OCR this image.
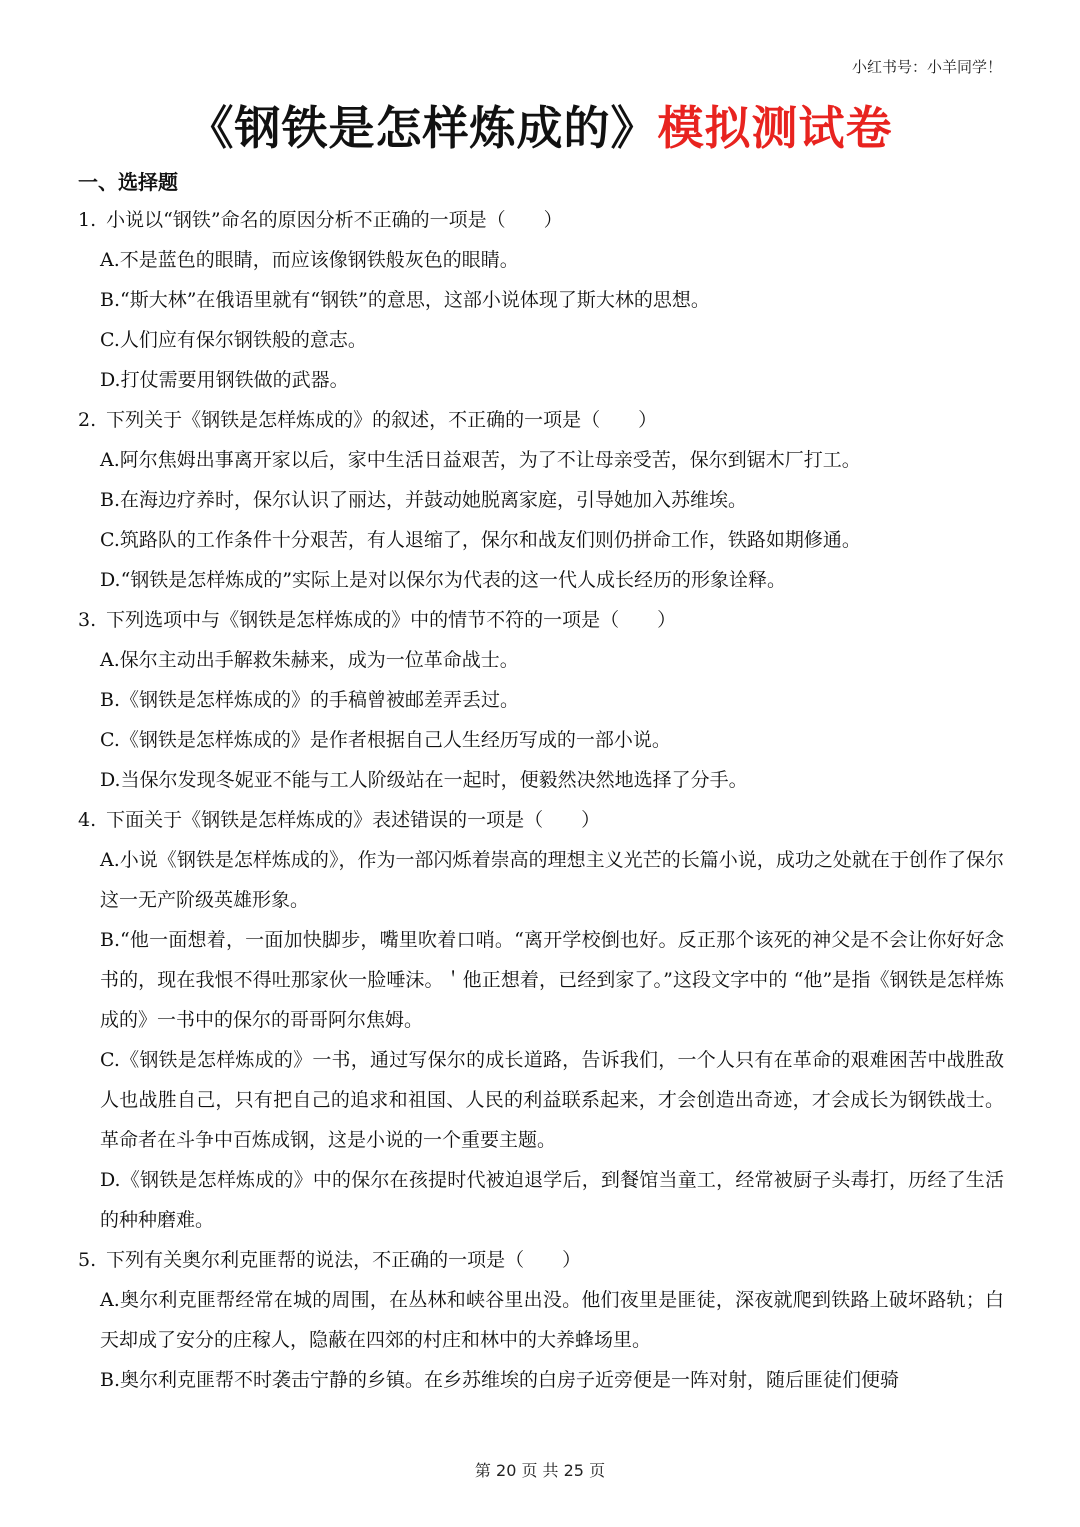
小红书号：小羊同学！
《钢铁是怎样炼成的》模拟测试卷
一、选择题
1. 小说以“钢铁”命名的原因分析不正确的一项是（　　）
A.不是蓝色的眼睛，而应该像钢铁般灰色的眼睛。
B.“斯大林”在俄语里就有“钢铁”的意思，这部小说体现了斯大林的思想。
C.人们应有保尔钢铁般的意志。
D.打仗需要用钢铁做的武器。
2. 下列关于《钢铁是怎样炼成的》的叙述，不正确的一项是（　　）
A.阿尔焦姆出事离开家以后，家中生活日益艰苦，为了不让母亲受苦，保尔到锯木厂打工。
B.在海边疗养时，保尔认识了丽达，并鼓动她脱离家庭，引导她加入苏维埃。
C.筑路队的工作条件十分艰苦，有人退缩了，保尔和战友们则仍拼命工作，铁路如期修通。
D.“钢铁是怎样炼成的”实际上是对以保尔为代表的这一代人成长经历的形象诠释。
3. 下列选项中与《钢铁是怎样炼成的》中的情节不符的一项是（　　）
A.保尔主动出手解救朱赫来，成为一位革命战士。
B.《钢铁是怎样炼成的》的手稿曾被邮差弄丢过。
C.《钢铁是怎样炼成的》是作者根据自己人生经历写成的一部小说。
D.当保尔发现冬妮亚不能与工人阶级站在一起时，便毅然决然地选择了分手。
4. 下面关于《钢铁是怎样炼成的》表述错误的一项是（　　）
A.小说《钢铁是怎样炼成的》，作为一部闪烁着崇高的理想主义光芒的长篇小说，成功之处就在于创作了保尔这一无产阶级英雄形象。
B.“他一面想着，一面加快脚步，嘴里吹着口哨。“离开学校倒也好。反正那个该死的神父是不会让你好好念书的，现在我恨不得吐那家伙一脸唾沫。＇他正想着，已经到家了。”这段文字中的 “他”是指《钢铁是怎样炼成的》一书中的保尔的哥哥阿尔焦姆。
C.《钢铁是怎样炼成的》一书，通过写保尔的成长道路，告诉我们，一个人只有在革命的艰难困苦中战胜敌人也战胜自己，只有把自己的追求和祖国、人民的利益联系起来，才会创造出奇迹，才会成长为钢铁战士。革命者在斗争中百炼成钢，这是小说的一个重要主题。
D.《钢铁是怎样炼成的》中的保尔在孩提时代被迫退学后，到餐馆当童工，经常被厨子头毒打，历经了生活的种种磨难。
5. 下列有关奥尔利克匪帮的说法，不正确的一项是（　　）
A.奥尔利克匪帮经常在城的周围，在丛林和峡谷里出没。他们夜里是匪徒，深夜就爬到铁路上破坏路轨；白天却成了安分的庄稼人，隐蔽在四郊的村庄和林中的大养蜂场里。
B.奥尔利克匪帮不时袭击宁静的乡镇。在乡苏维埃的白房子近旁便是一阵对射，随后匪徒们便骑
第 20 页 共 25 页
